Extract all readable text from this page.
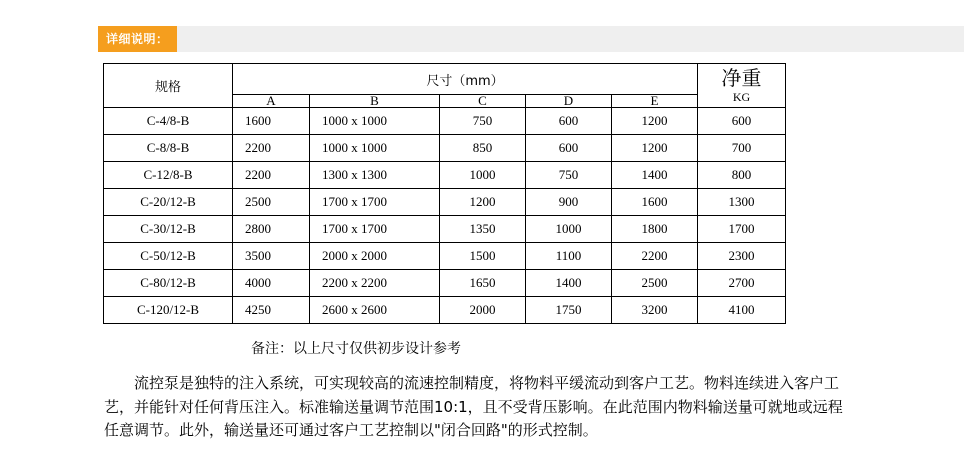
详细说明：
规格	尺寸（mm）					净重
KG

	A	B	C	D	E	
C-4/8-B	1600	1000 x 1000	750	600	1200	600
C-8/8-B	2200	1000 x 1000	850	600	1200	700
C-12/8-B	2200	1300 x 1300	1000	750	1400	800
C-20/12-B	2500	1700 x 1700	1200	900	1600	1300
C-30/12-B	2800	1700 x 1700	1350	1000	1800	1700
C-50/12-B	3500	2000 x 2000	1500	1100	2200	2300
C-80/12-B	4000	2200 x 2200	1650	1400	2500	2700
C-120/12-B	4250	2600 x 2600	2000	1750	3200	4100
备注：以上尺寸仅供初步设计参考

流控泵是独特的注入系统，可实现较高的流速控制精度，将物料平缓流动到客户工艺。物料连续进入客户工艺，并能针对任何背压注入。标准输送量调节范围10:1，且不受背压影响。在此范围内物料输送量可就地或远程任意调节。此外，输送量还可通过客户工艺控制以"闭合回路"的形式控制。
